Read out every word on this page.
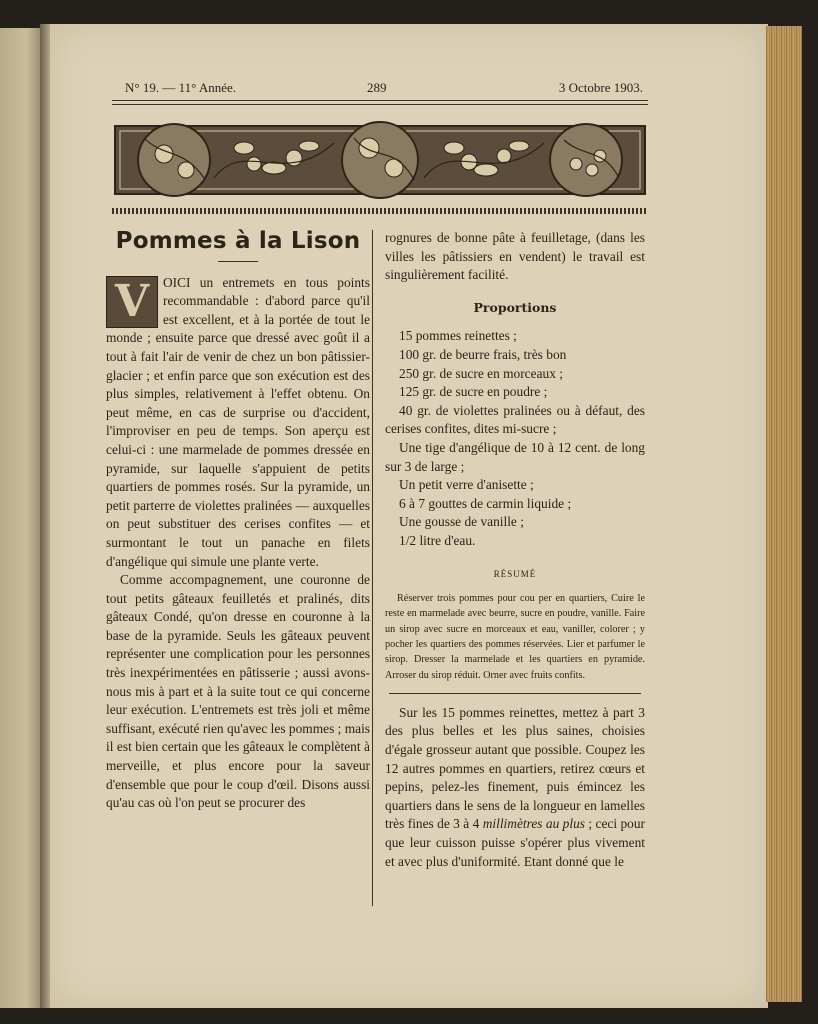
N° 19. — 11° Année.	289	3 Octobre 1903.
Pommes à la Lison

V	OICI un entremets en tous points recommandable : d'abord parce qu'il est excellent, et à la portée de tout le monde ; ensuite parce que dressé avec goût il a tout à fait l'air de venir de chez un bon pâtissier-glacier ; et enfin parce que son exécution est des plus simples, relativement à l'effet obtenu. On peut même, en cas de surprise ou d'accident, l'improviser en peu de temps. Son aperçu est celui-ci : une marmelade de pommes dressée en pyramide, sur laquelle s'appuient de petits quartiers de pommes rosés. Sur la pyramide, un petit parterre de violettes pralinées — auxquelles on peut substituer des cerises confites — et surmontant le tout un panache en filets d'angélique qui simule une plante verte.

Comme accompagnement, une couronne de tout petits gâteaux feuilletés et pralinés, dits gâteaux Condé, qu'on dresse en couronne à la base de la pyramide. Seuls les gâteaux peuvent représenter une complication pour les personnes très inexpérimentées en pâtisserie ; aussi avons-nous mis à part et à la suite tout ce qui concerne leur exécution. L'entremets est très joli et même suffisant, exécuté rien qu'avec les pommes ; mais il est bien certain que les gâteaux le complètent à merveille, et plus encore pour la saveur d'ensemble que pour le coup d'œil. Disons aussi qu'au cas où l'on peut se procurer des

rognures de bonne pâte à feuilletage, (dans les villes les pâtissiers en vendent) le travail est singulièrement facilité.

Proportions

15 pommes reinettes ;

100 gr. de beurre frais, très bon

250 gr. de sucre en morceaux ;

125 gr. de sucre en poudre ;

40 gr. de violettes pralinées ou à défaut, des cerises confites, dites mi-sucre ;

Une tige d'angélique de 10 à 12 cent. de long sur 3 de large ;

Un petit verre d'anisette ;

6 à 7 gouttes de carmin liquide ;

Une gousse de vanille ;

1/2 litre d'eau.

RÉSUMÉ

Réserver trois pommes pour cou per en quartiers, Cuire le reste en marmelade avec beurre, sucre en poudre, vanille. Faire un sirop avec sucre en morceaux et eau, vaniller, colorer ; y pocher les quartiers des pommes réservées. Lier et parfumer le sirop. Dresser la marmelade et les quartiers en pyramide. Arroser du sirop réduit. Orner avec fruits confits.

Sur les 15 pommes reinettes, mettez à part 3 des plus belles et les plus saines, choisies d'égale grosseur autant que possible. Coupez les 12 autres pommes en quartiers, retirez cœurs et pepins, pelez-les finement, puis émincez les quartiers dans le sens de la longueur en lamelles très fines de 3 à 4 millimètres au plus ; ceci pour que leur cuisson puisse s'opérer plus vivement et avec plus d'uniformité. Etant donné que le
